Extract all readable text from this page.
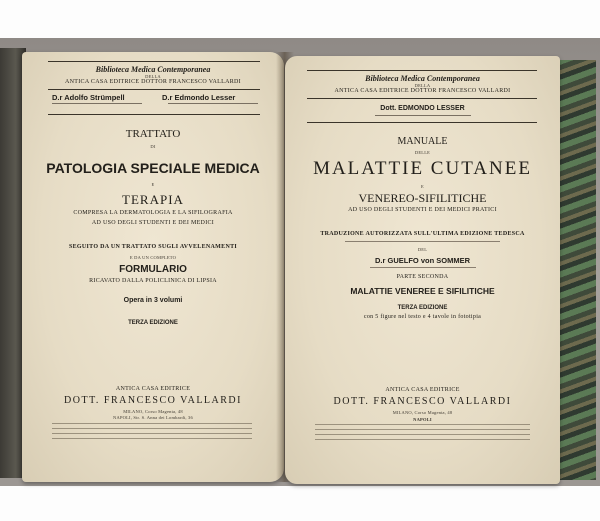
Biblioteca Medica Contemporanea
DELLA
ANTICA CASA EDITRICE DOTTOR FRANCESCO VALLARDI
D.r Adolfo Strümpell	D.r Edmondo Lesser
TRATTATO
DI
PATOLOGIA SPECIALE MEDICA
E
TERAPIA
COMPRESA LA DERMATOLOGIA E LA SIFILOGRAFIA
AD USO DEGLI STUDENTI E DEI MEDICI
SEGUITO DA UN TRATTATO SUGLI AVVELENAMENTI
E DA UN COMPLETO
FORMULARIO
RICAVATO DALLA POLICLINICA DI LIPSIA
Opera in 3 volumi
TERZA EDIZIONE
ANTICA CASA EDITRICE
DOTT. FRANCESCO VALLARDI
MILANO, Corso Magenta, 48
NAPOLI, Str. S. Anna dei Lombardi, 36
Biblioteca Medica Contemporanea
DELLA
ANTICA CASA EDITRICE DOTTOR FRANCESCO VALLARDI
Dott. EDMONDO LESSER
MANUALE
DELLE
MALATTIE CUTANEE
E
VENEREO-SIFILITICHE
AD USO DEGLI STUDENTI E DEI MEDICI PRATICI
TRADUZIONE AUTORIZZATA SULL'ULTIMA EDIZIONE TEDESCA
DEL
D.r GUELFO von SOMMER
PARTE SECONDA
MALATTIE VENEREE E SIFILITICHE
TERZA EDIZIONE
con 5 figure nel testo e 4 tavole in fototipia
ANTICA CASA EDITRICE
DOTT. FRANCESCO VALLARDI
MILANO, Corso Magenta, 48
NAPOLI
